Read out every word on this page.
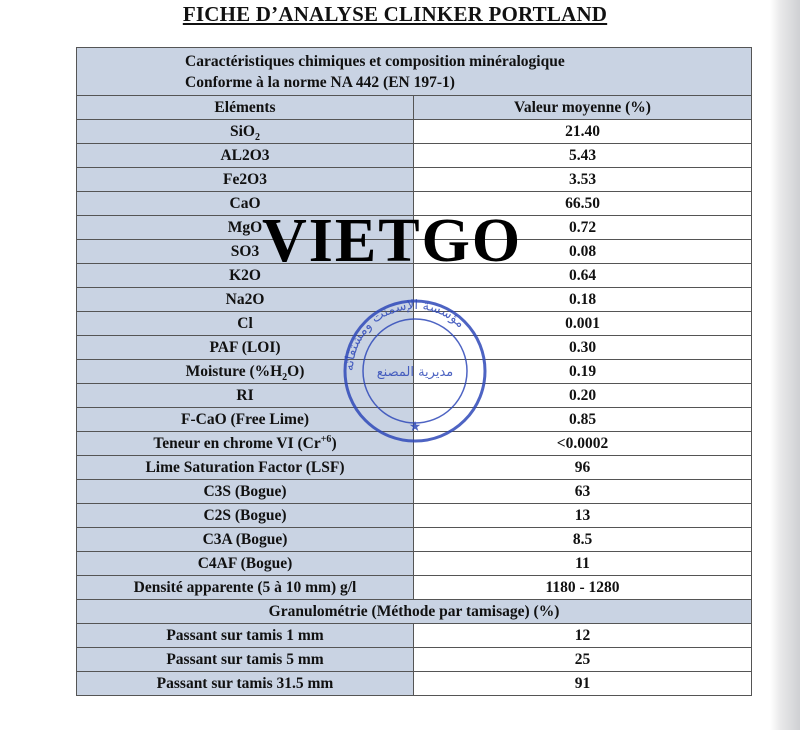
FICHE D’ANALYSE CLINKER PORTLAND
Caractéristiques chimiques et composition minéralogique
Conforme à la norme NA 442 (EN 197-1)	

Eléments	Valeur moyenne (%)
SiO$_2$	21.40
AL2O3	5.43
Fe2O3	3.53
CaO	66.50
MgO	0.72
SO3	0.08
K2O	0.64
Na2O	0.18
Cl	0.001
PAF (LOI)	0.30
Moisture $(\%H_2O)$	0.19
RI	0.20
F-CaO (Free Lime)	0.85
Teneur en chrome VI $(Cr^{+6})$	<0.0002
Lime Saturation Factor (LSF)	96
C3S (Bogue)	63
C2S (Bogue)	13
C3A (Bogue)	8.5
C4AF (Bogue)	11
Densité apparente (5 à 10 mm) g/l	1180 - 1280
Granulométrie (Méthode par tamisage) (%)	
Passant sur tamis 1 mm	12
Passant sur tamis 5 mm	25
Passant sur tamis 31.5 mm	91
VIETGO
مؤسسة الإسمنت ومشتقاته
مديرية المصنع
★
